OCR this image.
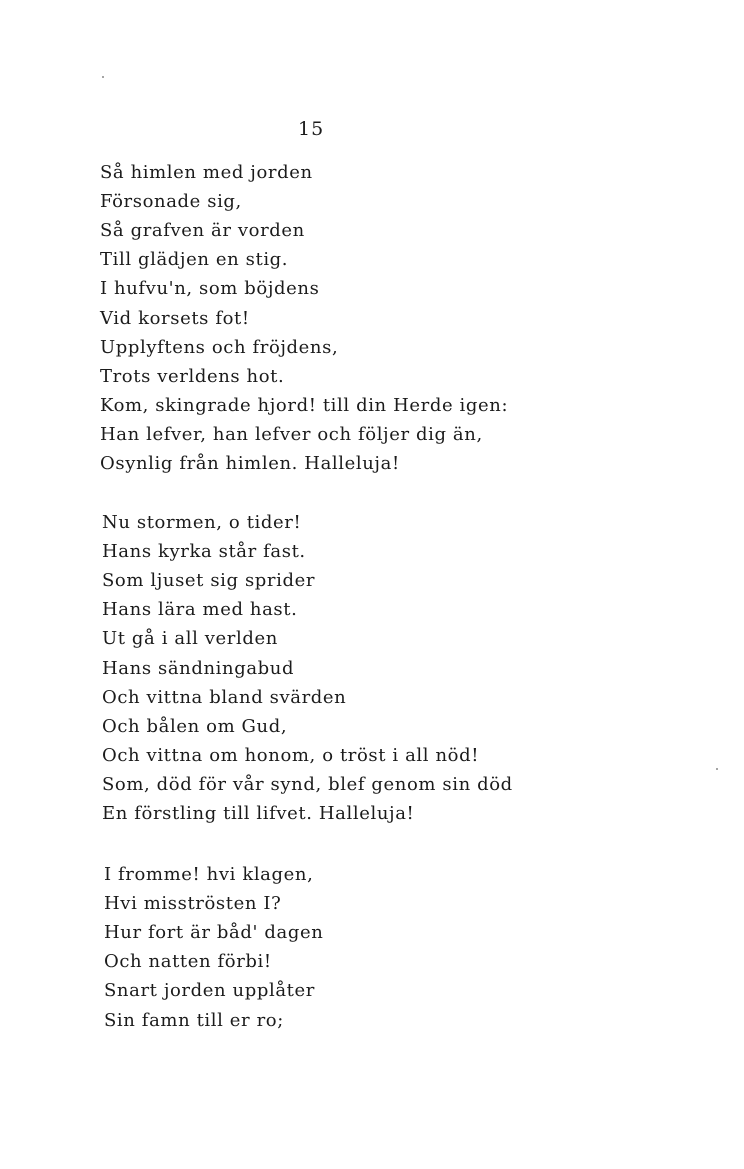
15
Så himlen med jorden
Försonade sig,
Så grafven är vorden
Till glädjen en stig.
I hufvu'n, som böjdens
Vid korsets fot!
Upplyftens och fröjdens,
Trots verldens hot.
Kom, skingrade hjord! till din Herde igen:
Han lefver, han lefver och följer dig än,
Osynlig från himlen. Halleluja!
Nu stormen, o tider!
Hans kyrka står fast.
Som ljuset sig sprider
Hans lära med hast.
Ut gå i all verlden
Hans sändningabud
Och vittna bland svärden
Och bålen om Gud,
Och vittna om honom, o tröst i all nöd!
Som, död för vår synd, blef genom sin död
En förstling till lifvet. Halleluja!
I fromme! hvi klagen,
Hvi misströsten I?
Hur fort är båd' dagen
Och natten förbi!
Snart jorden upplåter
Sin famn till er ro;
